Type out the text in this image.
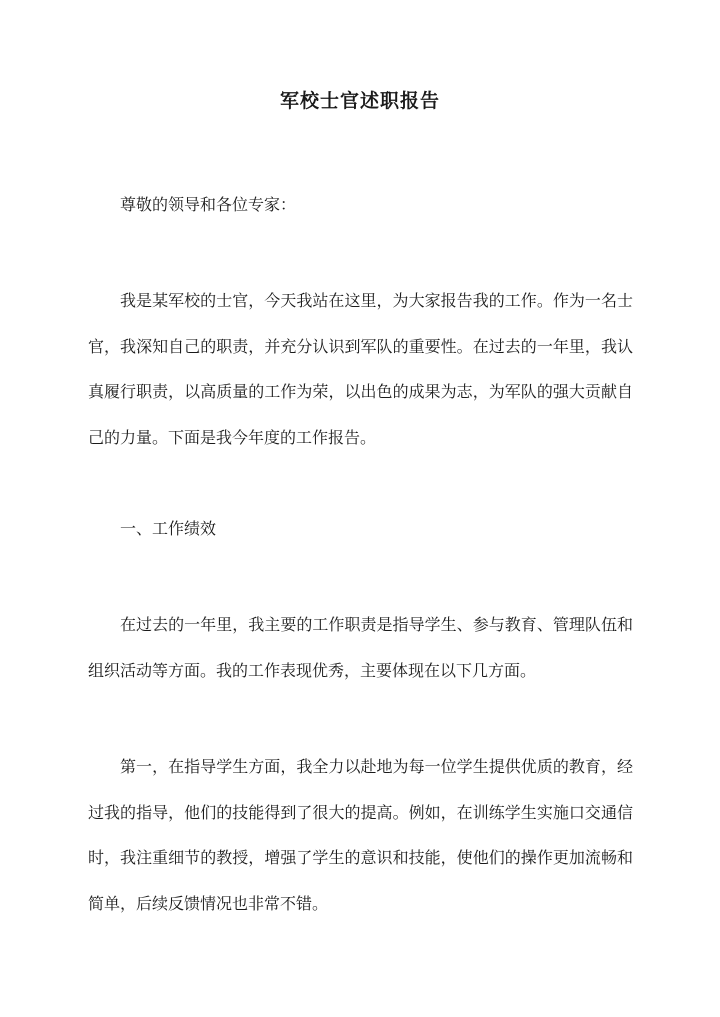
军校士官述职报告
尊敬的领导和各位专家：
我是某军校的士官，今天我站在这里，为大家报告我的工作。作为一名士官，我深知自己的职责，并充分认识到军队的重要性。在过去的一年里，我认真履行职责，以高质量的工作为荣，以出色的成果为志，为军队的强大贡献自己的力量。下面是我今年度的工作报告。
一、工作绩效
在过去的一年里，我主要的工作职责是指导学生、参与教育、管理队伍和组织活动等方面。我的工作表现优秀，主要体现在以下几方面。
第一，在指导学生方面，我全力以赴地为每一位学生提供优质的教育，经过我的指导，他们的技能得到了很大的提高。例如，在训练学生实施口交通信时，我注重细节的教授，增强了学生的意识和技能，使他们的操作更加流畅和简单，后续反馈情况也非常不错。
